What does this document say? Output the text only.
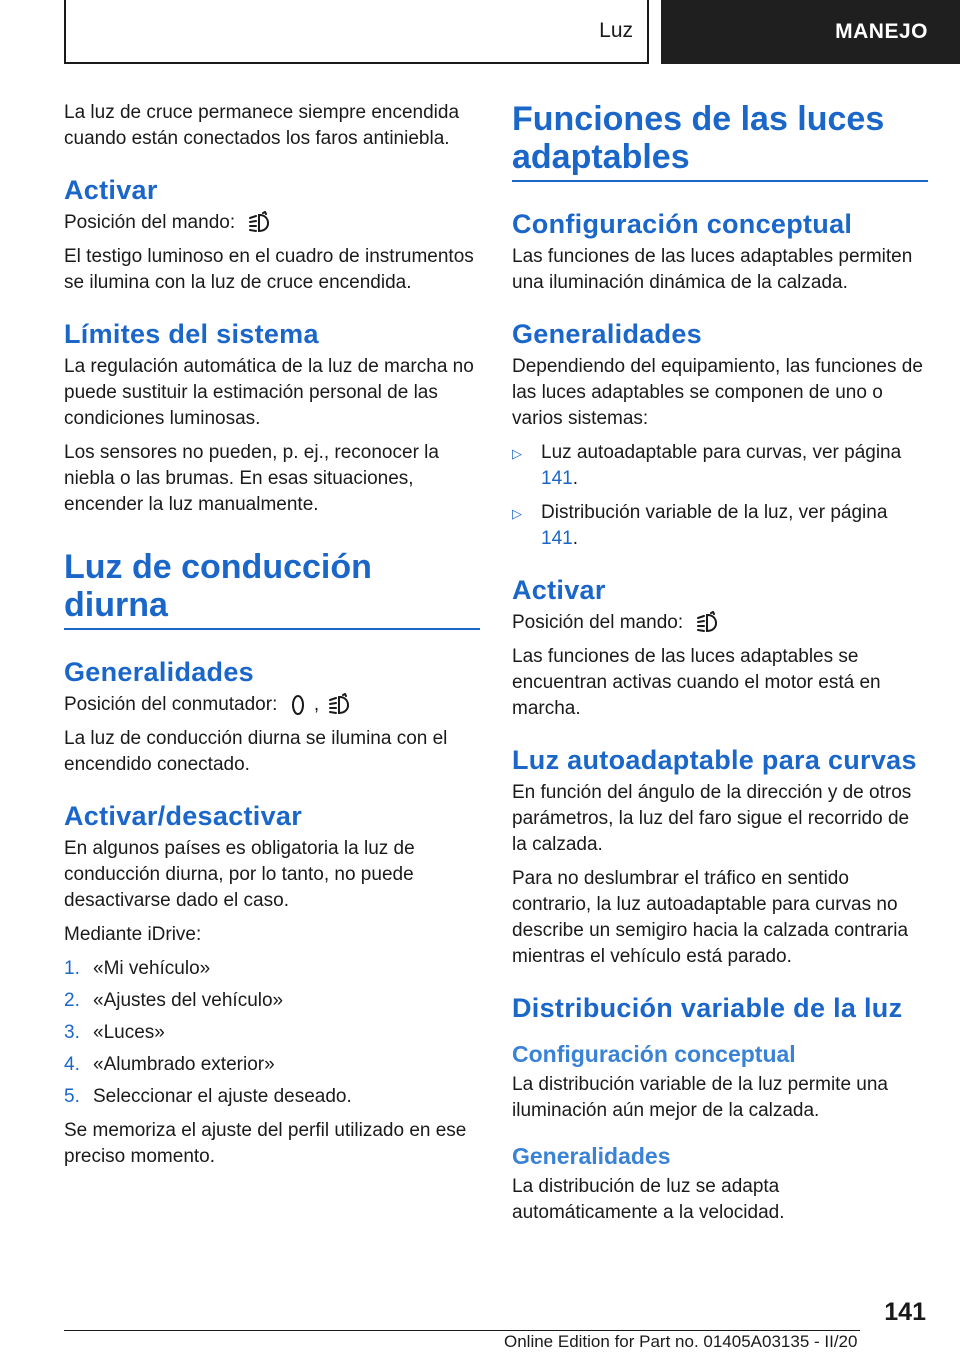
Luz	MANEJO

La luz de cruce permanece siempre encendida cuando están conectados los faros antiniebla.

Activar

Posición del mando:

El testigo luminoso en el cuadro de instrumentos se ilumina con la luz de cruce encendida.

Límites del sistema

La regulación automática de la luz de marcha no puede sustituir la estimación personal de las condiciones luminosas.

Los sensores no pueden, p. ej., reconocer la niebla o las brumas. En esas situaciones, encender la luz manualmente.

Luz de conducción diurna
Generalidades

Posición del conmutador: ,

La luz de conducción diurna se ilumina con el encendido conectado.

Activar/desactivar

En algunos países es obligatoria la luz de conducción diurna, por lo tanto, no puede desactivarse dado el caso.

Mediante iDrive:

1. «Mi vehículo»
2. «Ajustes del vehículo»
3. «Luces»
4. «Alumbrado exterior»
5. Seleccionar el ajuste deseado.

Se memoriza el ajuste del perfil utilizado en ese preciso momento.

Funciones de las luces adaptables
Configuración conceptual

Las funciones de las luces adaptables permiten una iluminación dinámica de la calzada.

Generalidades

Dependiendo del equipamiento, las funciones de las luces adaptables se componen de uno o varios sistemas:

▷	Luz autoadaptable para curvas, ver página 141.
▷	Distribución variable de la luz, ver página 141.
Activar

Posición del mando:

Las funciones de las luces adaptables se encuentran activas cuando el motor está en marcha.

Luz autoadaptable para curvas

En función del ángulo de la dirección y de otros parámetros, la luz del faro sigue el recorrido de la calzada.

Para no deslumbrar el tráfico en sentido contrario, la luz autoadaptable para curvas no describe un semigiro hacia la calzada contraria mientras el vehículo está parado.

Distribución variable de la luz
Configuración conceptual

La distribución variable de la luz permite una iluminación aún mejor de la calzada.

Generalidades

La distribución de luz se adapta automáticamente a la velocidad.

141
Online Edition for Part no. 01405A03135 - II/20
